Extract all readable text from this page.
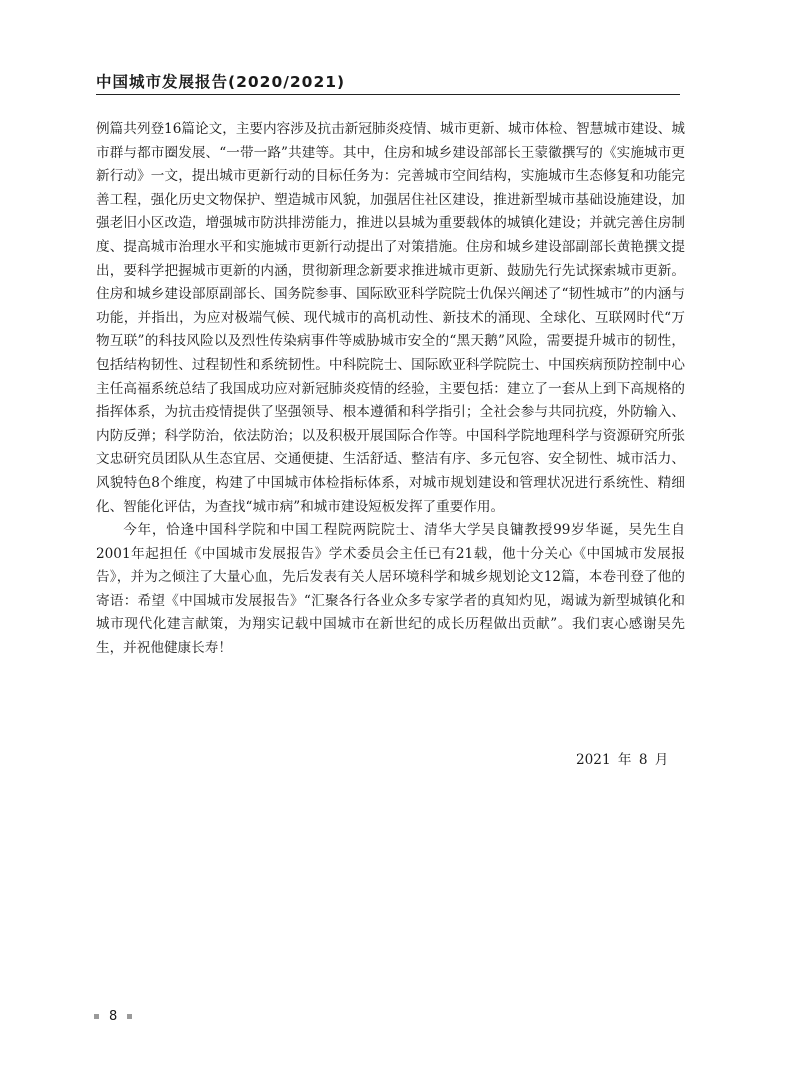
中国城市发展报告(2020/2021)

例篇共列登16篇论文，主要内容涉及抗击新冠肺炎疫情、城市更新、城市体检、智慧城市建设、城市群与都市圈发展、“一带一路”共建等。其中，住房和城乡建设部部长王蒙徽撰写的《实施城市更新行动》一文，提出城市更新行动的目标任务为：完善城市空间结构，实施城市生态修复和功能完善工程，强化历史文物保护、塑造城市风貌，加强居住社区建设，推进新型城市基础设施建设，加强老旧小区改造，增强城市防洪排涝能力，推进以县城为重要载体的城镇化建设；并就完善住房制度、提高城市治理水平和实施城市更新行动提出了对策措施。住房和城乡建设部副部长黄艳撰文提出，要科学把握城市更新的内涵，贯彻新理念新要求推进城市更新、鼓励先行先试探索城市更新。住房和城乡建设部原副部长、国务院参事、国际欧亚科学院院士仇保兴阐述了“韧性城市”的内涵与功能，并指出，为应对极端气候、现代城市的高机动性、新技术的涌现、全球化、互联网时代“万物互联”的科技风险以及烈性传染病事件等威胁城市安全的“黑天鹅”风险，需要提升城市的韧性，包括结构韧性、过程韧性和系统韧性。中科院院士、国际欧亚科学院院士、中国疾病预防控制中心主任高福系统总结了我国成功应对新冠肺炎疫情的经验，主要包括：建立了一套从上到下高规格的指挥体系，为抗击疫情提供了坚强领导、根本遵循和科学指引；全社会参与共同抗疫，外防输入、内防反弹；科学防治，依法防治；以及积极开展国际合作等。中国科学院地理科学与资源研究所张文忠研究员团队从生态宜居、交通便捷、生活舒适、整洁有序、多元包容、安全韧性、城市活力、风貌特色8个维度，构建了中国城市体检指标体系，对城市规划建设和管理状况进行系统性、精细化、智能化评估，为查找“城市病”和城市建设短板发挥了重要作用。

今年，恰逢中国科学院和中国工程院两院院士、清华大学吴良镛教授99岁华诞，吴先生自2001年起担任《中国城市发展报告》学术委员会主任已有21载，他十分关心《中国城市发展报告》，并为之倾注了大量心血，先后发表有关人居环境科学和城乡规划论文12篇，本卷刊登了他的寄语：希望《中国城市发展报告》“汇聚各行各业众多专家学者的真知灼见，竭诚为新型城镇化和城市现代化建言献策，为翔实记载中国城市在新世纪的成长历程做出贡献”。我们衷心感谢吴先生，并祝他健康长寿！

2021 年 8 月
8
